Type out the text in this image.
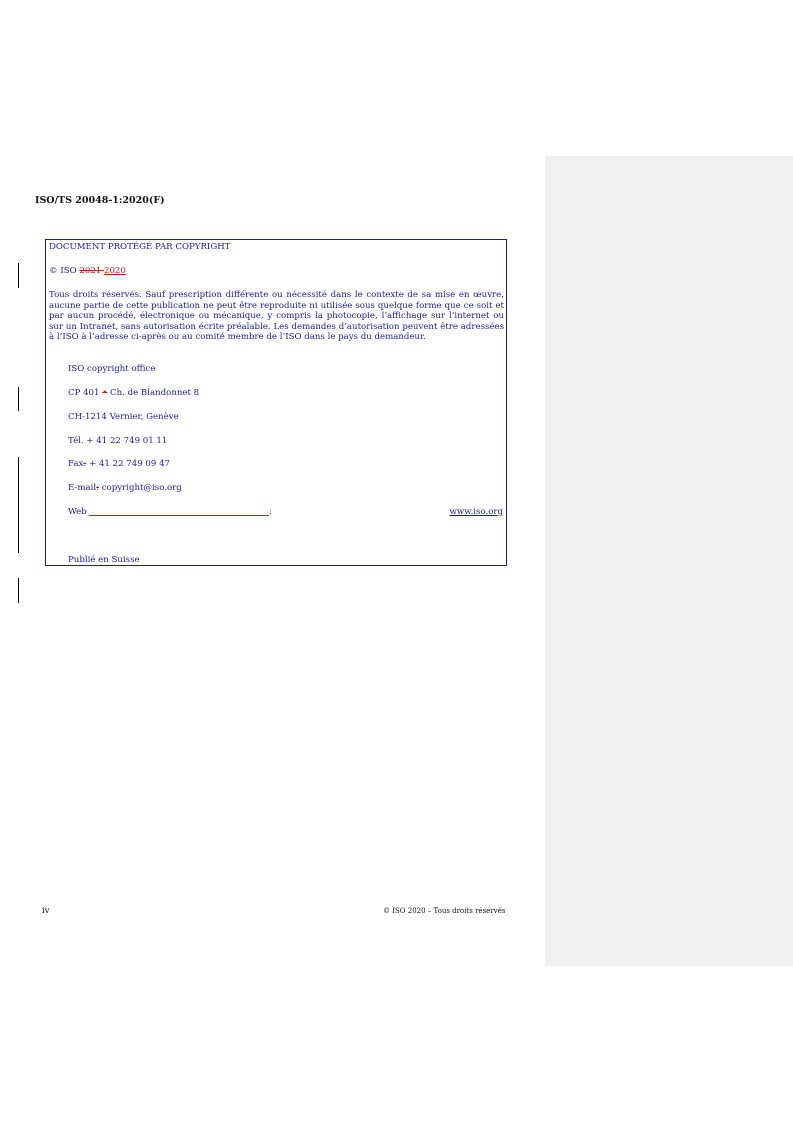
ISO/TS 20048-1:2020(F)
DOCUMENT PROTÉGÉ PAR COPYRIGHT
© ISO 2021 2020
Tous droits réservés. Sauf prescription différente ou nécessité dans le contexte de sa mise en œuvre, aucune partie de cette publication ne peut être reproduite ni utilisée sous quelque forme que ce soit et par aucun procédé, électronique ou mécanique, y compris la photocopie, l’affichage sur l’internet ou sur un Intranet, sans autorisation écrite préalable. Les demandes d’autorisation peuvent être adressées à l’ISO à l’adresse ci-après ou au comité membre de l’ISO dans le pays du demandeur.
ISO copyright office
CP 401 • Ch. de Blandonnet 8
CH-1214 Vernier, Genève
Tél. + 41 22 749 01 11
Fax: + 41 22 749 09 47
E-mail: copyright@iso.org
Web	:	www.iso.org
Publié en Suisse
iv	© ISO 2020 – Tous droits réservés
